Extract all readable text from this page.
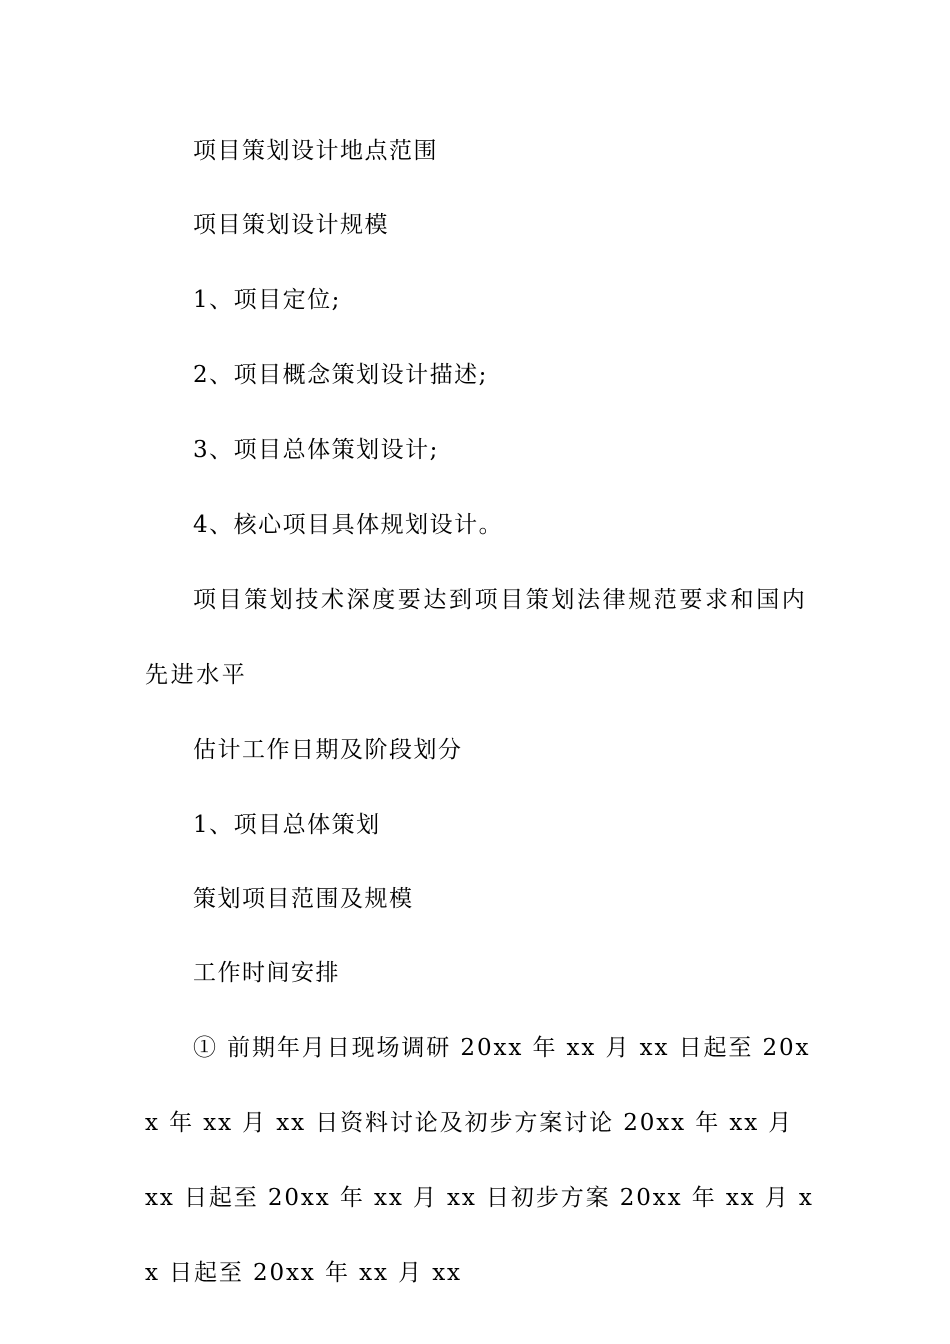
项目策划设计地点范围

项目策划设计规模

1、项目定位;

2、项目概念策划设计描述;

3、项目总体策划设计;

4、核心项目具体规划设计。

项目策划技术深度要达到项目策划法律规范要求和国内先进水平

估计工作日期及阶段划分

1、项目总体策划

策划项目范围及规模

工作时间安排

① 前期年月日现场调研 20xx 年 xx 月 xx 日起至 20xx 年 xx 月 xx 日资料讨论及初步方案讨论 20xx 年 xx 月 xx 日起至 20xx 年 xx 月 xx 日初步方案 20xx 年 xx 月 xx 日起至 20xx 年 xx 月 xx
